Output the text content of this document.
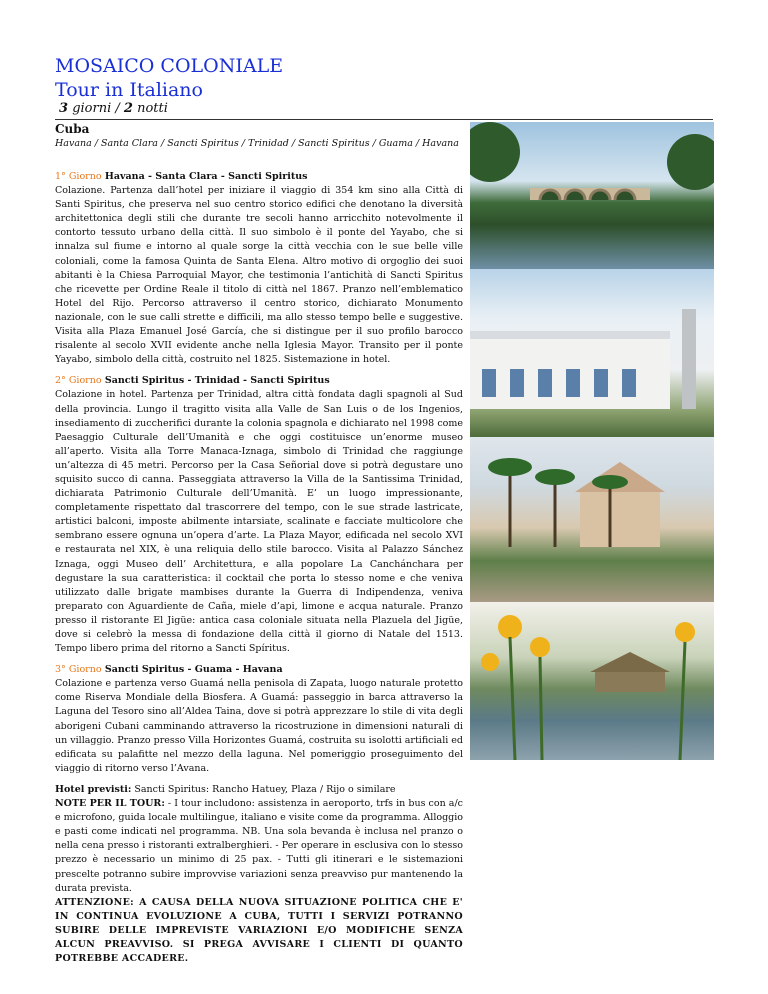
MOSAICO COLONIALE
Tour in Italiano
3 giorni / 2 notti
Cuba
Havana / Santa Clara / Sancti Spiritus / Trinidad / Sancti Spiritus / Guama / Havana

1° Giorno Havana - Santa Clara - Sancti Spiritus

Colazione. Partenza dall’hotel per iniziare il viaggio di 354 km sino alla Città di Santi Spiritus, che preserva nel suo centro storico edifici che denotano la diversità architettonica degli stili che durante tre secoli hanno arricchito notevolmente il contorto tessuto urbano della città. Il suo simbolo è il ponte del Yayabo, che si innalza sul fiume e intorno al quale sorge la città vecchia con le sue belle ville coloniali, come la famosa Quinta de Santa Elena. Altro motivo di orgoglio dei suoi abitanti è la Chiesa Parroquial Mayor, che testimonia l’antichità di Sancti Spiritus che ricevette per Ordine Reale il titolo di città nel 1867. Pranzo nell’emblematico Hotel del Rijo. Percorso attraverso il centro storico, dichiarato Monumento nazionale, con le sue calli strette e difficili, ma allo stesso tempo belle e suggestive. Visita alla Plaza Emanuel José García, che si distingue per il suo profilo barocco risalente al secolo XVII evidente anche nella Iglesia Mayor. Transito per il ponte Yayabo, simbolo della città, costruito nel 1825. Sistemazione in hotel.

2° Giorno Sancti Spiritus - Trinidad - Sancti Spiritus

Colazione in hotel. Partenza per Trinidad, altra città fondata dagli spagnoli al Sud della provincia. Lungo il tragitto visita alla Valle de San Luis o de los Ingenios, insediamento di zuccherifici durante la colonia spagnola e dichiarato nel 1998 come Paesaggio Culturale dell’Umanità e che oggi costituisce un’enorme museo all’aperto. Visita alla Torre Manaca-Iznaga, simbolo di Trinidad che raggiunge un’altezza di 45 metri. Percorso per la Casa Señorial dove si potrà degustare uno squisito succo di canna. Passeggiata attraverso la Villa de la Santissima Trinidad, dichiarata Patrimonio Culturale dell’Umanità. E’ un luogo impressionante, completamente rispettato dal trascorrere del tempo, con le sue strade lastricate, artistici balconi, imposte abilmente intarsiate, scalinate e facciate multicolore che sembrano essere ognuna un’opera d’arte. La Plaza Mayor, edificada nel secolo XVI e restaurata nel XIX, è una reliquia dello stile barocco. Visita al Palazzo Sánchez Iznaga, oggi Museo dell’ Architettura, e alla popolare La Canchánchara per degustare la sua caratteristica: il cocktail che porta lo stesso nome e che veniva utilizzato dalle brigate mambises durante la Guerra di Indipendenza, veniva preparato con Aguardiente de Caña, miele d’api, limone e acqua naturale. Pranzo presso il ristorante El Jigüe: antica casa coloniale situata nella Plazuela del Jigüe, dove si celebrò la messa di fondazione della città il giorno di Natale del 1513. Tempo libero prima del ritorno a Sancti Spíritus.

3° Giorno Sancti Spiritus - Guama - Havana

Colazione e partenza verso Guamá nella penisola di Zapata, luogo naturale protetto come Riserva Mondiale della Biosfera. A Guamá: passeggio in barca attraverso la Laguna del Tesoro sino all’Aldea Taina, dove si potrà apprezzare lo stile di vita degli aborigeni Cubani camminando attraverso la ricostruzione in dimensioni naturali di un villaggio. Pranzo presso Villa Horizontes Guamá, costruita su isolotti artificiali ed edificata su palafitte nel mezzo della laguna. Nel pomeriggio proseguimento del viaggio di ritorno verso l’Avana.

Hotel previsti: Sancti Spiritus: Rancho Hatuey, Plaza / Rijo o similare

NOTE PER IL TOUR: - I tour includono: assistenza in aeroporto, trfs in bus con a/c e microfono, guida locale multilingue, italiano e visite come da programma. Alloggio e pasti come indicati nel programma. NB. Una sola bevanda è inclusa nel pranzo o nella cena presso i ristoranti extralberghieri. - Per operare in esclusiva con lo stesso prezzo è necessario un minimo di 25 pax. - Tutti gli itinerari e le sistemazioni prescelte potranno subire improvvise variazioni senza preavviso pur mantenendo la durata prevista.

ATTENZIONE: A CAUSA DELLA NUOVA SITUAZIONE POLITICA CHE E' IN CONTINUA EVOLUZIONE A CUBA, TUTTI I SERVIZI POTRANNO SUBIRE DELLE IMPREVISTE VARIAZIONI E/O MODIFICHE SENZA ALCUN PREAVVISO. SI PREGA AVVISARE I CLIENTI DI QUANTO POTREBBE ACCADERE.
